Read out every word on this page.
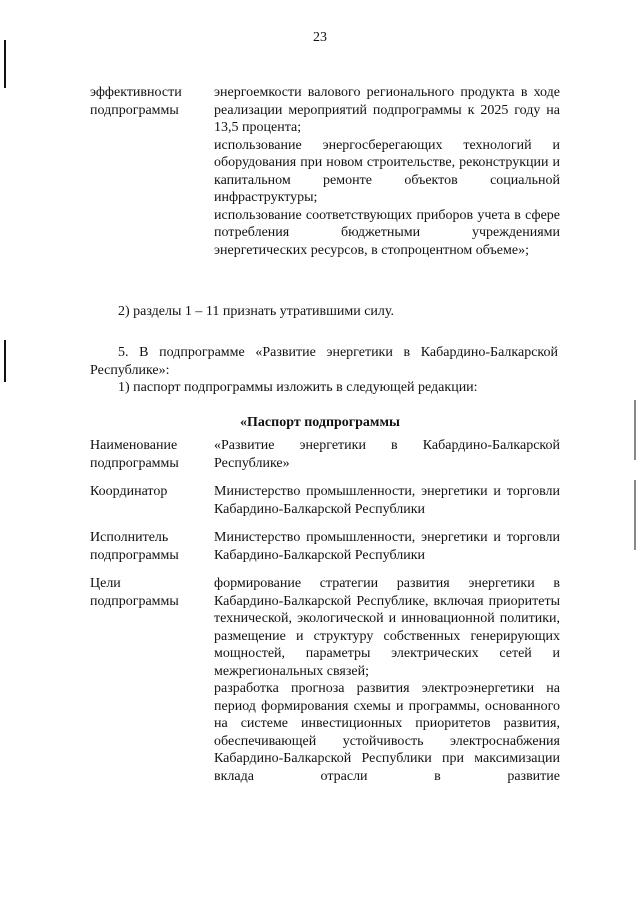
23
эффективности подпрограммы

энергоемкости валового регионального продукта в ходе реализации мероприятий подпрограммы к 2025 году на 13,5 процента;

использование энергосберегающих технологий и оборудования при новом строительстве, реконструкции и капитальном ремонте объектов социальной инфраструктуры;

использование соответствующих приборов учета в сфере потребления бюджетными учреждениями энергетических ресурсов, в стопроцентном объеме»;

2) разделы 1 – 11 признать утратившими силу.

5. В подпрограмме «Развитие энергетики в Кабардино-Балкарской Республике»:

1) паспорт подпрограммы изложить в следующей редакции:

«Паспорт подпрограммы
Наименование подпрограммы

«Развитие энергетики в Кабардино-Балкарской Республике»

Координатор	Министерство промышленности, энергетики и торговли Кабардино-Балкарской Республики

Исполнитель подпрограммы

Министерство промышленности, энергетики и торговли Кабардино-Балкарской Республики

Цели подпрограммы

формирование стратегии развития энергетики в Кабардино-Балкарской Республике, включая приоритеты технической, экологической и инновационной политики, размещение и структуру собственных генерирующих мощностей, параметры электрических сетей и межрегиональных связей;

разработка прогноза развития электроэнергетики на период формирования схемы и программы, основанного на системе инвестиционных приоритетов развития, обеспечивающей устойчивость электроснабжения Кабардино-Балкарской Республики при максимизации вклада отрасли в развитие
